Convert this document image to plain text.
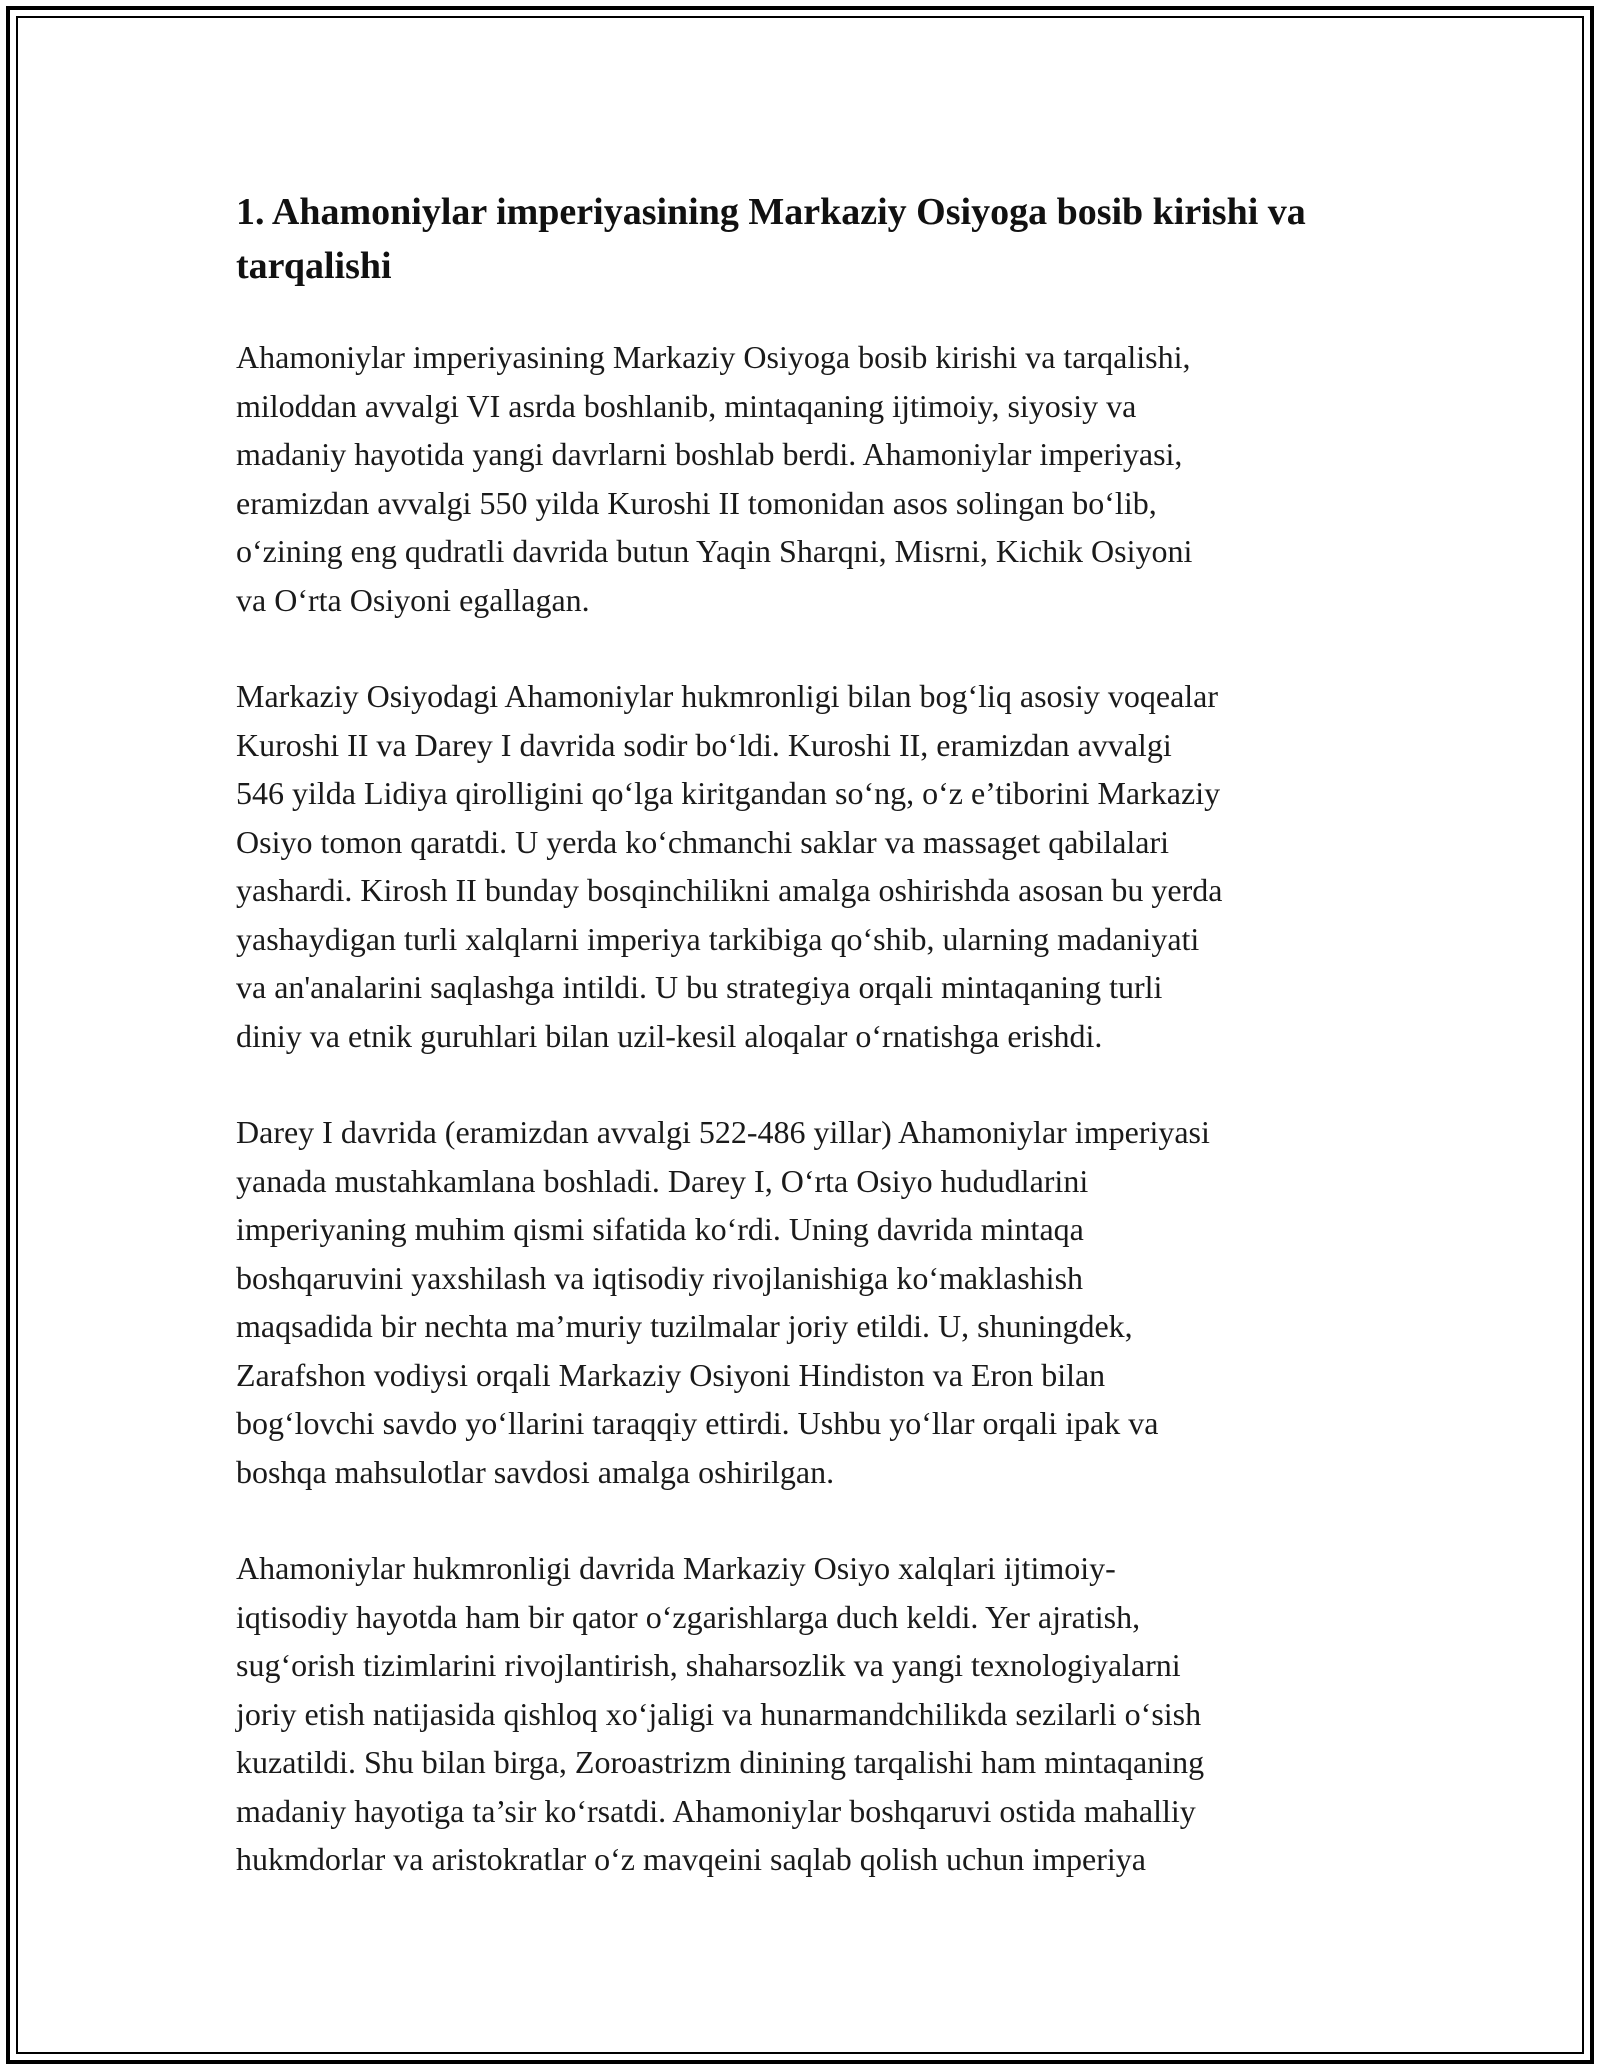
1. Ahamoniylar imperiyasining Markaziy Osiyoga bosib kirishi va tarqalishi

Ahamoniylar imperiyasining Markaziy Osiyoga bosib kirishi va tarqalishi,
miloddan avvalgi VI asrda boshlanib, mintaqaning ijtimoiy, siyosiy va
madaniy hayotida yangi davrlarni boshlab berdi. Ahamoniylar imperiyasi,
eramizdan avvalgi 550 yilda Kuroshi II tomonidan asos solingan bo‘lib,
o‘zining eng qudratli davrida butun Yaqin Sharqni, Misrni, Kichik Osiyoni
va O‘rta Osiyoni egallagan.

Markaziy Osiyodagi Ahamoniylar hukmronligi bilan bog‘liq asosiy voqealar
Kuroshi II va Darey I davrida sodir bo‘ldi. Kuroshi II, eramizdan avvalgi
546 yilda Lidiya qirolligini qo‘lga kiritgandan so‘ng, o‘z e’tiborini Markaziy
Osiyo tomon qaratdi. U yerda ko‘chmanchi saklar va massaget qabilalari
yashardi. Kirosh II bunday bosqinchilikni amalga oshirishda asosan bu yerda
yashaydigan turli xalqlarni imperiya tarkibiga qo‘shib, ularning madaniyati
va an'analarini saqlashga intildi. U bu strategiya orqali mintaqaning turli
diniy va etnik guruhlari bilan uzil-kesil aloqalar o‘rnatishga erishdi.

Darey I davrida (eramizdan avvalgi 522-486 yillar) Ahamoniylar imperiyasi
yanada mustahkamlana boshladi. Darey I, O‘rta Osiyo hududlarini
imperiyaning muhim qismi sifatida ko‘rdi. Uning davrida mintaqa
boshqaruvini yaxshilash va iqtisodiy rivojlanishiga ko‘maklashish
maqsadida bir nechta ma’muriy tuzilmalar joriy etildi. U, shuningdek,
Zarafshon vodiysi orqali Markaziy Osiyoni Hindiston va Eron bilan
bog‘lovchi savdo yo‘llarini taraqqiy ettirdi. Ushbu yo‘llar orqali ipak va
boshqa mahsulotlar savdosi amalga oshirilgan.

Ahamoniylar hukmronligi davrida Markaziy Osiyo xalqlari ijtimoiy-
iqtisodiy hayotda ham bir qator o‘zgarishlarga duch keldi. Yer ajratish,
sug‘orish tizimlarini rivojlantirish, shaharsozlik va yangi texnologiyalarni
joriy etish natijasida qishloq xo‘jaligi va hunarmandchilikda sezilarli o‘sish
kuzatildi. Shu bilan birga, Zoroastrizm dinining tarqalishi ham mintaqaning
madaniy hayotiga ta’sir ko‘rsatdi. Ahamoniylar boshqaruvi ostida mahalliy
hukmdorlar va aristokratlar o‘z mavqeini saqlab qolish uchun imperiya
